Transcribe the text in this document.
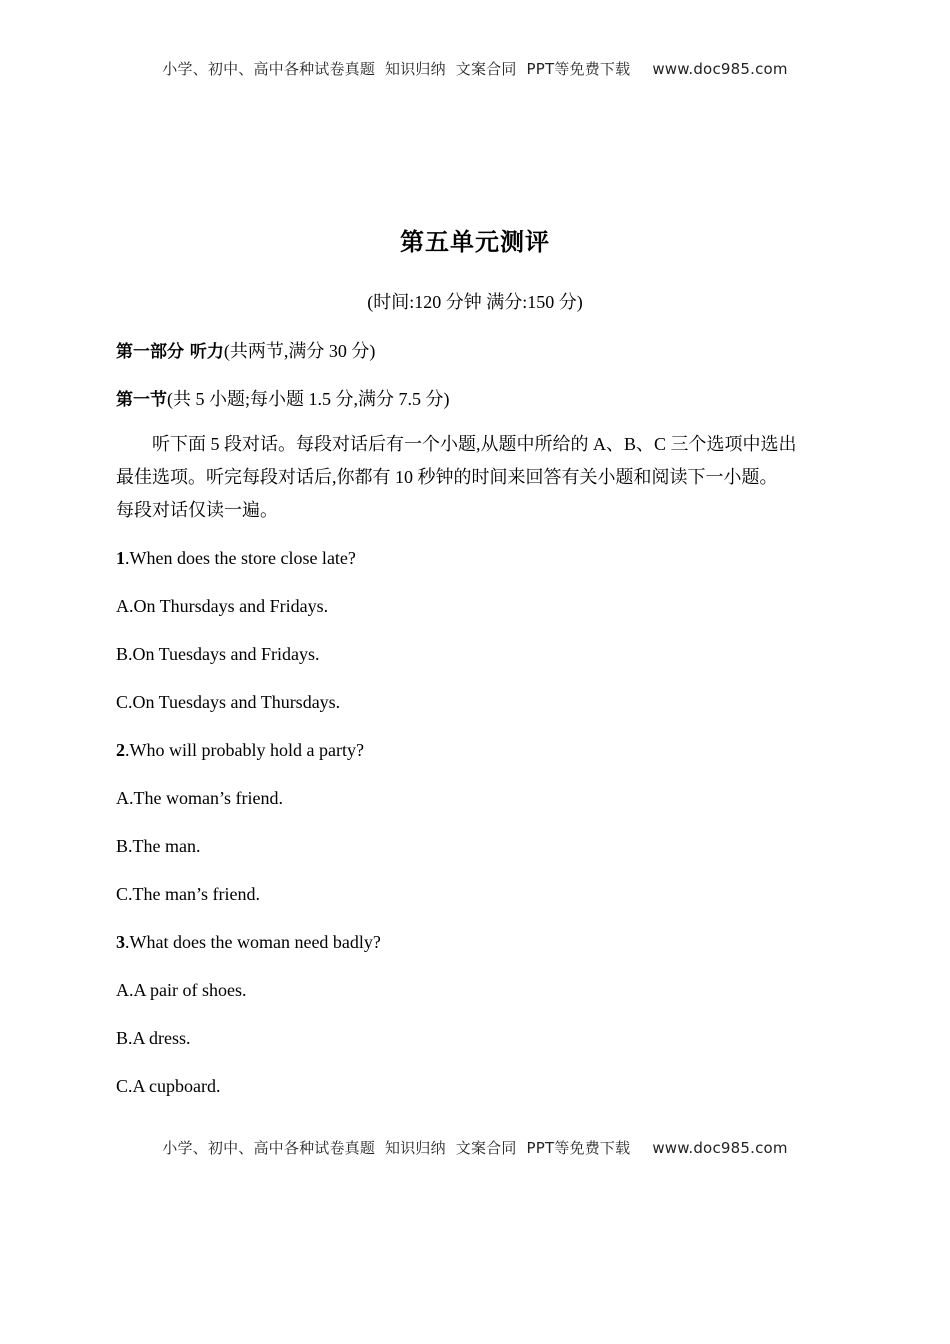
小学、初中、高中各种试卷真题  知识归纳  文案合同  PPT等免费下载 www.doc985.com
第五单元测评
(时间:120 分钟 满分:150 分)
第一部分 听力(共两节,满分 30 分)
第一节(共 5 小题;每小题 1.5 分,满分 7.5 分)
听下面 5 段对话。每段对话后有一个小题,从题中所给的 A、B、C 三个选项中选出
最佳选项。听完每段对话后,你都有 10 秒钟的时间来回答有关小题和阅读下一小题。
每段对话仅读一遍。
1.When does the store close late?
A.On Thursdays and Fridays.
B.On Tuesdays and Fridays.
C.On Tuesdays and Thursdays.
2.Who will probably hold a party?
A.The woman’s friend.
B.The man.
C.The man’s friend.
3.What does the woman need badly?
A.A pair of shoes.
B.A dress.
C.A cupboard.
小学、初中、高中各种试卷真题  知识归纳  文案合同  PPT等免费下载 www.doc985.com
